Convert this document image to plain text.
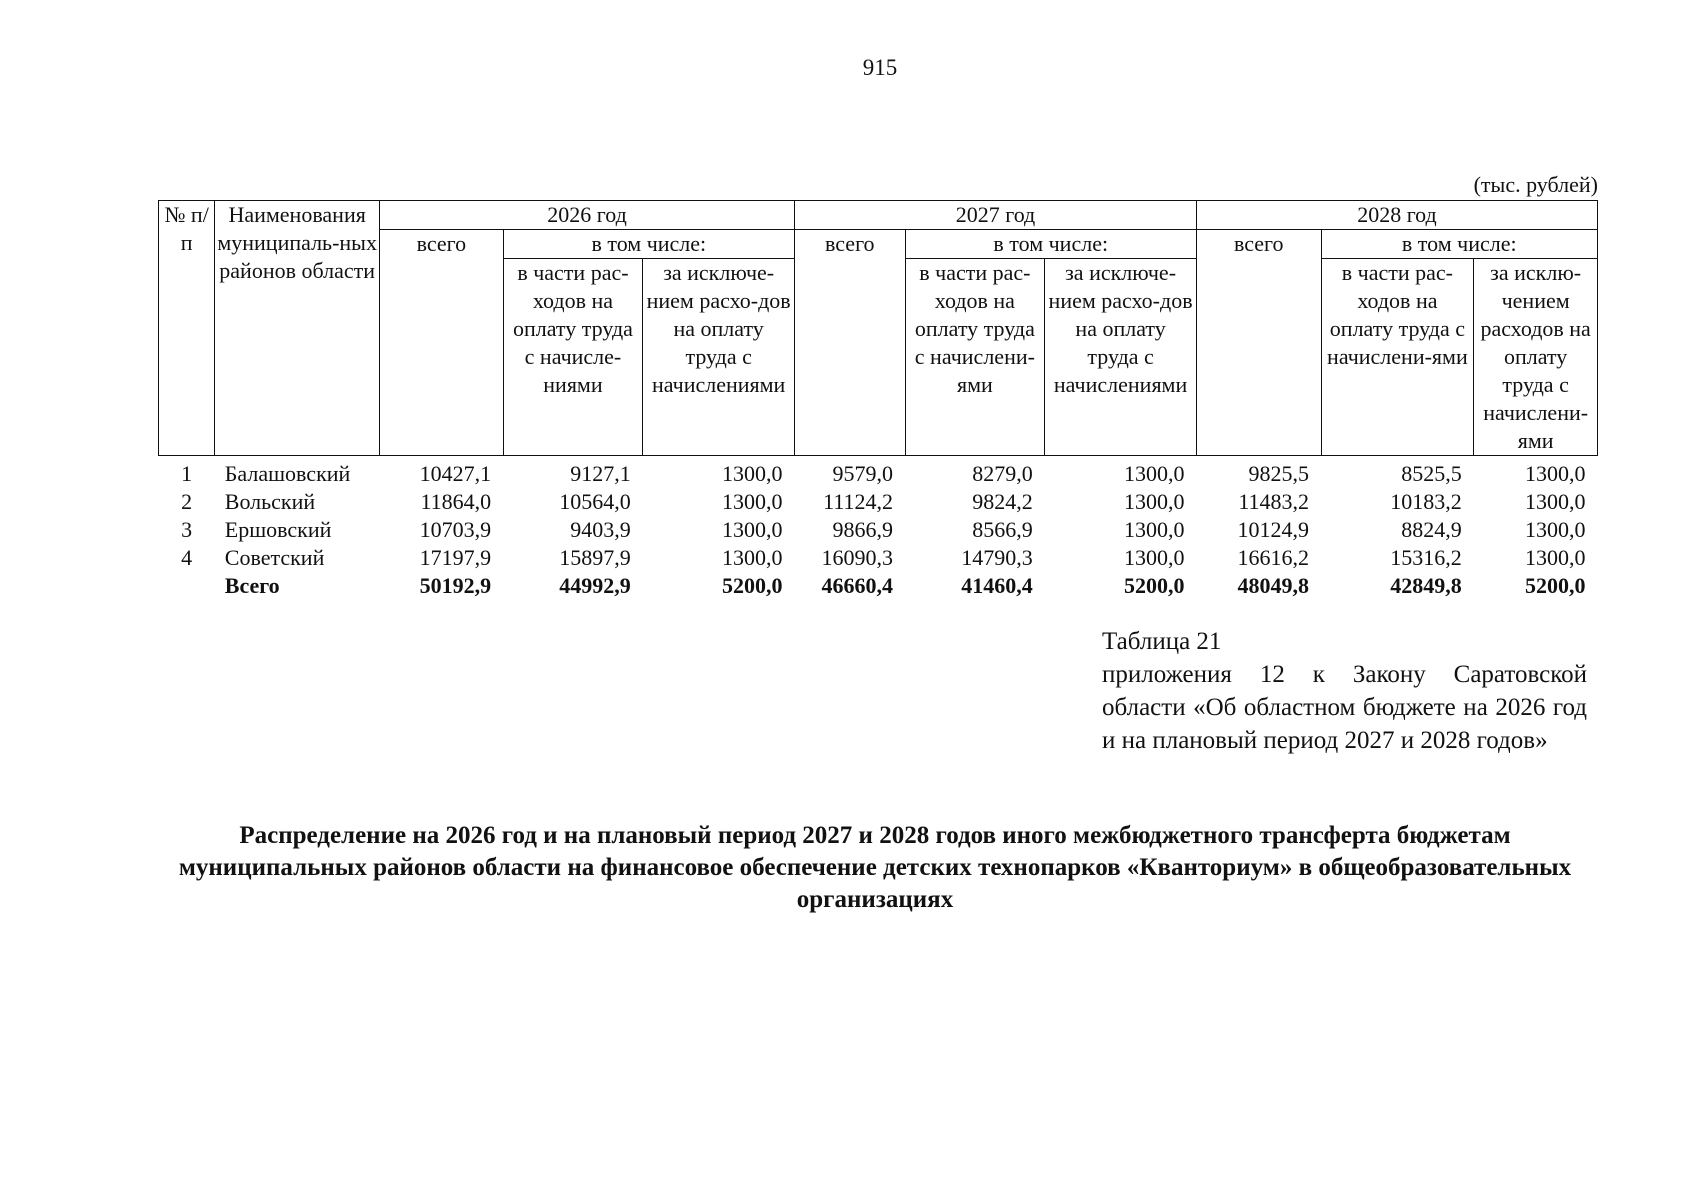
915
(тыс. рублей)
№ п/п	Наименования муниципаль-ных районов области	2026 год			2027 год			2028 год		
		всего	в том числе:		всего	в том числе:		всего	в том числе:	
			в части рас-ходов на оплату труда с начисле-ниями	за исключе-нием расхо-дов на оплату труда с начислениями		в части рас-ходов на оплату труда с начислени-ями	за исключе-нием расхо-дов на оплату труда с начислениями		в части рас-ходов на оплату труда с начислени-ями	за исклю-чением расходов на оплату труда с начислени-ями
1	Балашовский	10427,1	9127,1	1300,0	9579,0	8279,0	1300,0	9825,5	8525,5	1300,0
2	Вольский	11864,0	10564,0	1300,0	11124,2	9824,2	1300,0	11483,2	10183,2	1300,0
3	Ершовский	10703,9	9403,9	1300,0	9866,9	8566,9	1300,0	10124,9	8824,9	1300,0
4	Советский	17197,9	15897,9	1300,0	16090,3	14790,3	1300,0	16616,2	15316,2	1300,0
	Всего	50192,9	44992,9	5200,0	46660,4	41460,4	5200,0	48049,8	42849,8	5200,0
Таблица 21
приложения 12 к Закону Саратовской области «Об областном бюджете на 2026 год и на плановый период 2027 и 2028 годов»
Распределение на 2026 год и на плановый период 2027 и 2028 годов иного межбюджетного трансферта бюджетам муниципальных районов области на финансовое обеспечение детских технопарков «Кванториум» в общеобразовательных организациях
